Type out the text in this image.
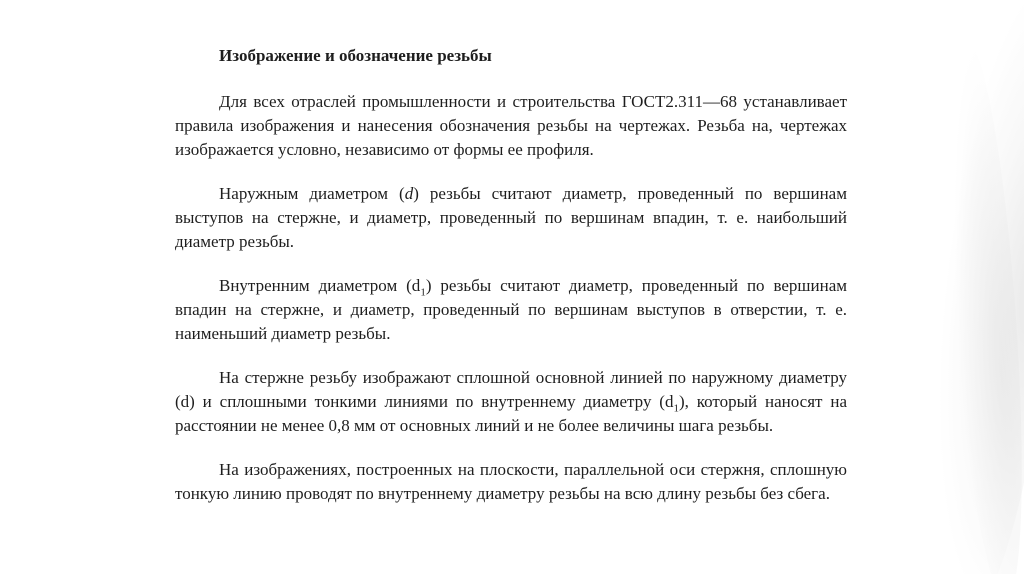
Изображение и обозначение резьбы

Для всех отраслей промышленности и строительства ГОСТ2.311—68 устанавливает правила изображения и нанесения обозначения резьбы на чертежах. Резьба на, чертежах изображается условно, независимо от формы ее профиля.

Наружным диаметром (d) резьбы считают диаметр, проведенный по вершинам выступов на стержне, и диаметр, проведенный по вершинам впадин, т. е. наибольший диаметр резьбы.

Внутренним диаметром $(d_1)$ резьбы считают диаметр, проведенный по вершинам впадин на стержне, и диаметр, проведенный по вершинам выступов в отверстии, т. е. наименьший диаметр резьбы.

На стержне резьбу изображают сплошной основной линией по наружному диаметру (d) и сплошными тонкими линиями по внутреннему диаметру $(d_1)$, который наносят на расстоянии не менее 0,8 мм от основных линий и не более величины шага резьбы.

На изображениях, построенных на плоскости, параллельной оси стержня, сплошную тонкую линию проводят по внутреннему диаметру резьбы на всю длину резьбы без сбега.
